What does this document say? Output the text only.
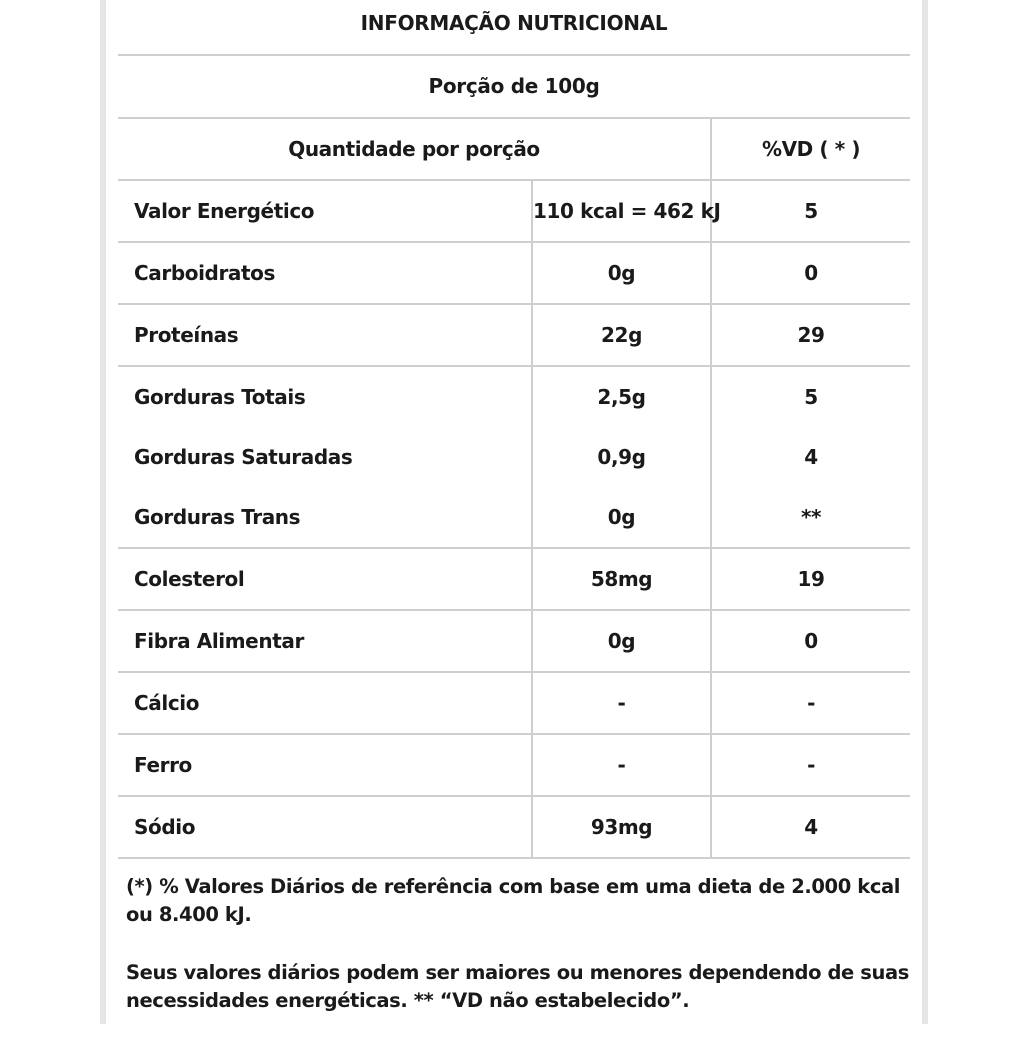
INFORMAÇÃO NUTRICIONAL
Porção de 100g
Quantidade por porção		%VD ( * )
Valor Energético	110 kcal = 462 kJ	5
Carboidratos	0g	0
Proteínas	22g	29
Gorduras Totais	2,5g	5
Gorduras Saturadas	0,9g	4
Gorduras Trans	0g	**
Colesterol	58mg	19
Fibra Alimentar	0g	0
Cálcio	-	-
Ferro	-	-
Sódio	93mg	4

(*) % Valores Diários de referência com base em uma dieta de 2.000 kcal ou 8.400 kJ.

Seus valores diários podem ser maiores ou menores dependendo de suas necessidades energéticas. ** “VD não estabelecido”.
